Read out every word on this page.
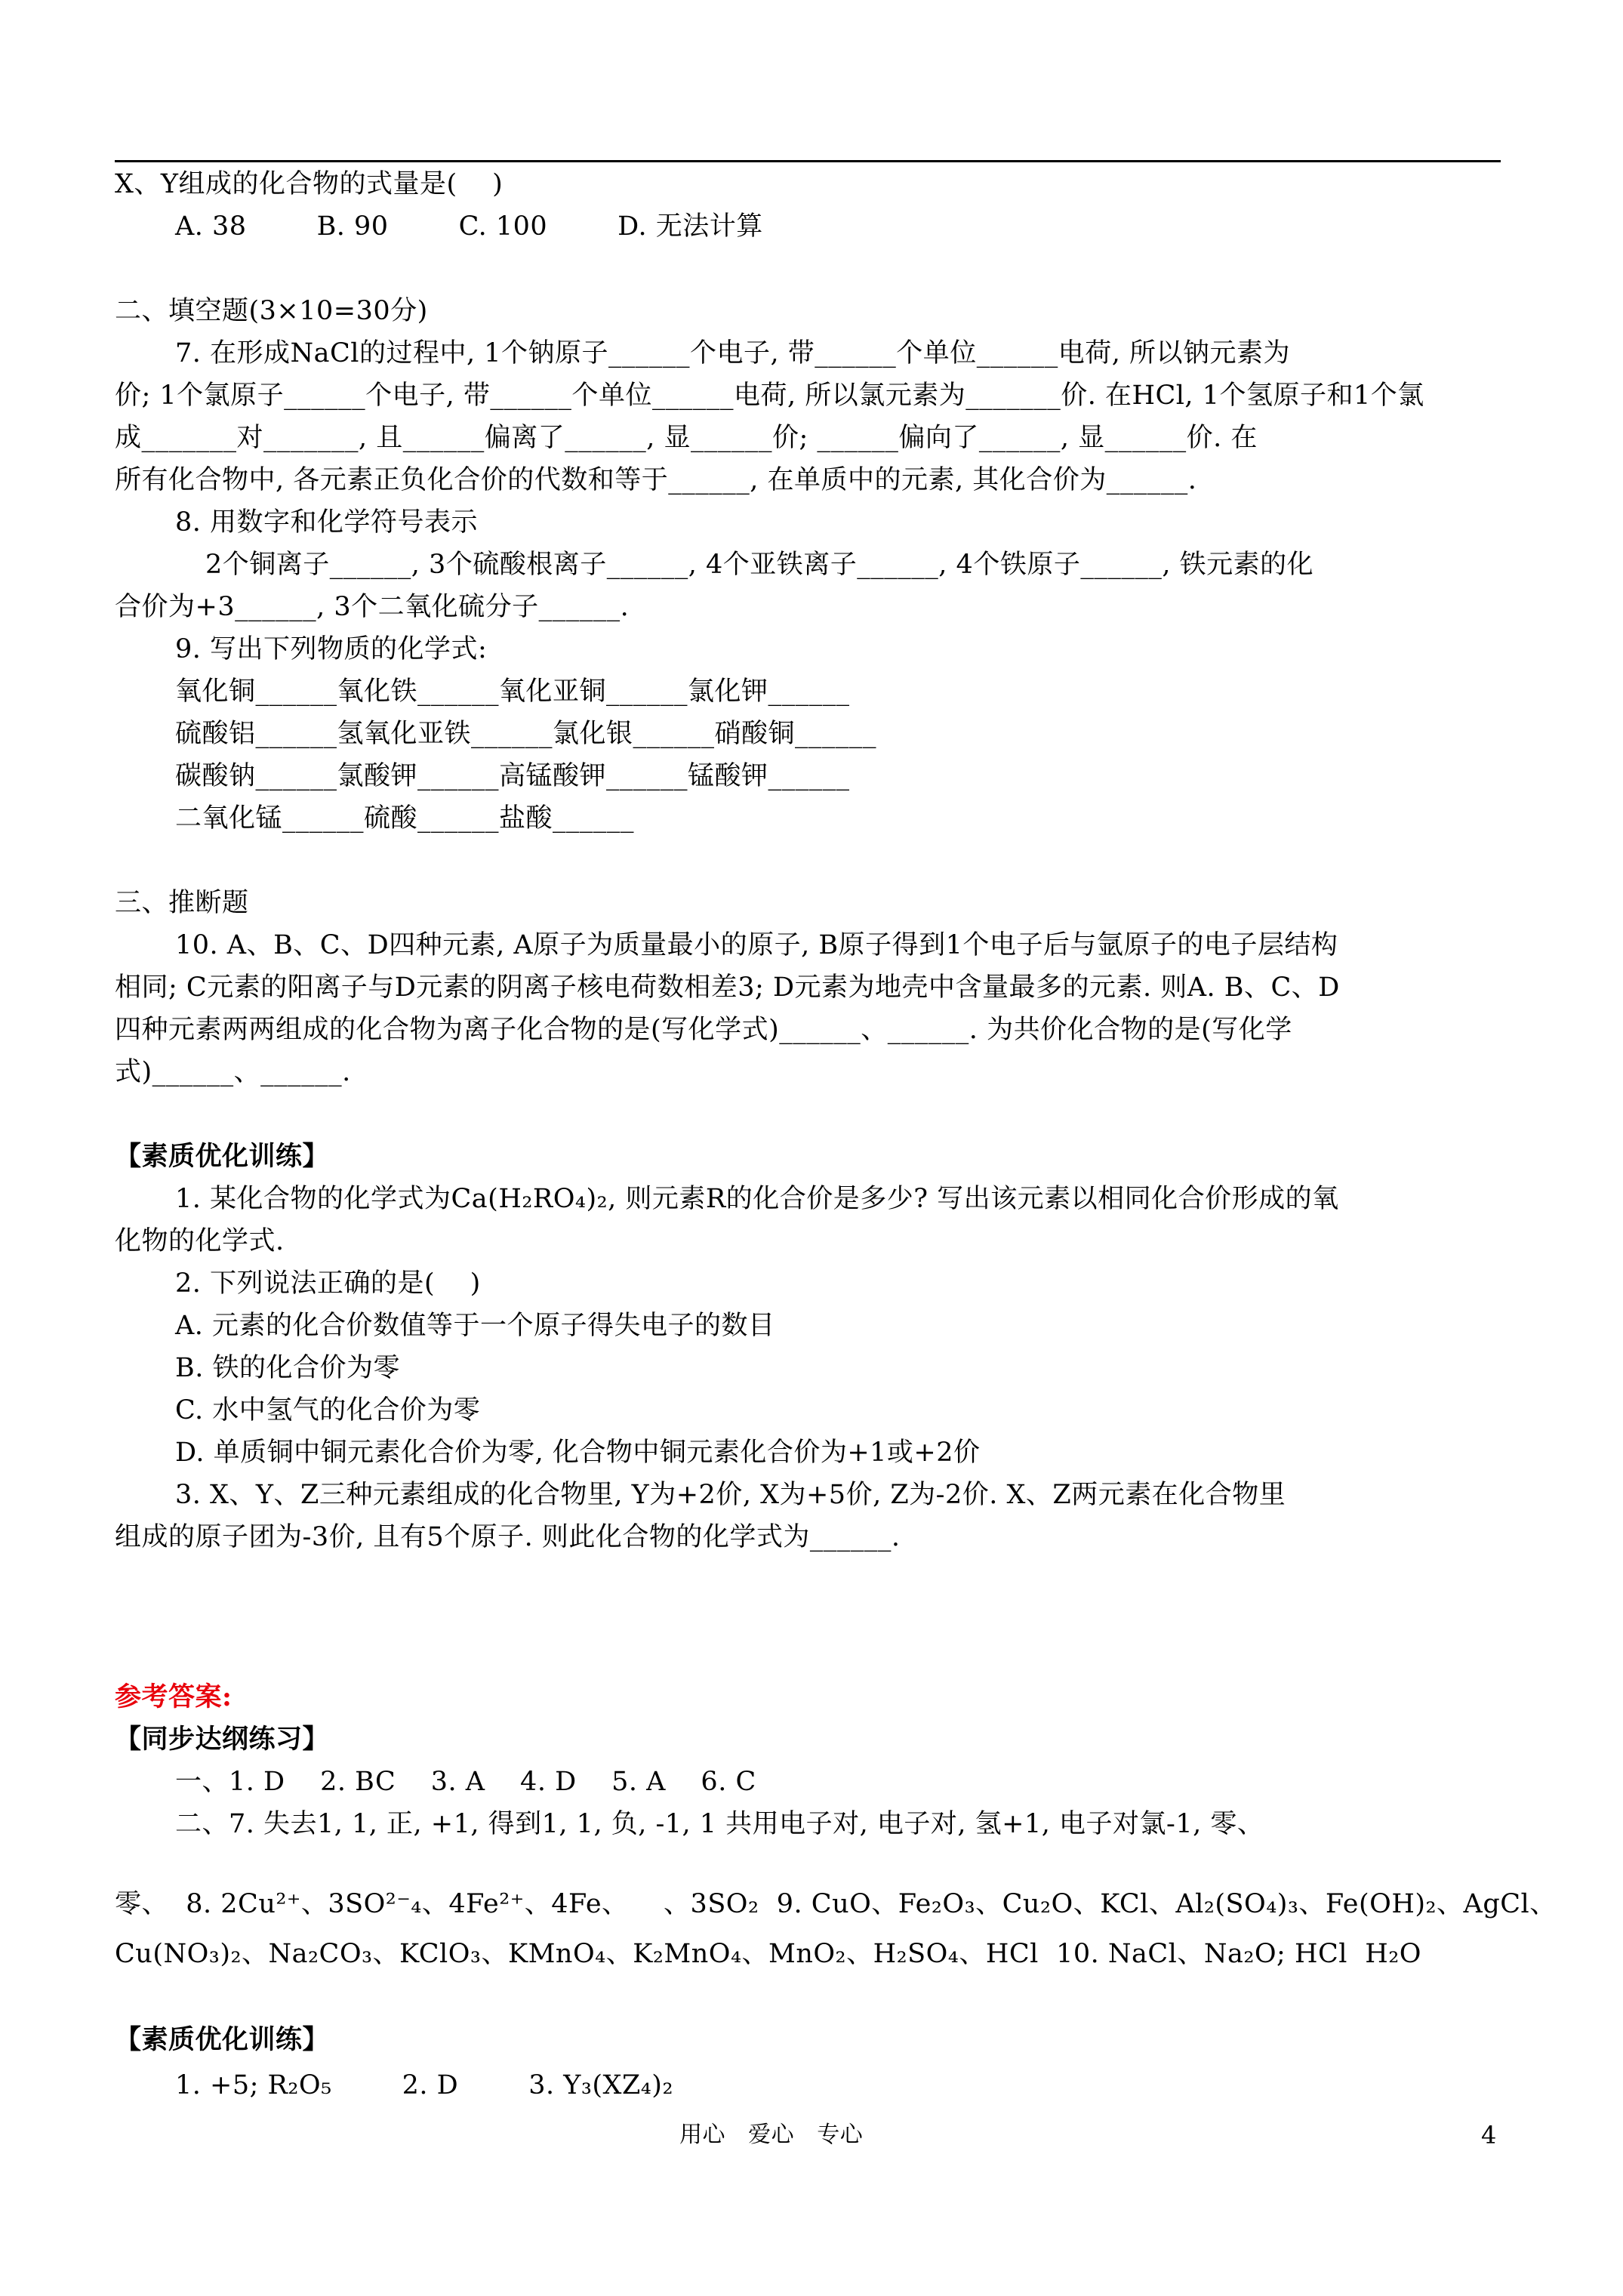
X、Y组成的化合物的式量是(    )
A. 38        B. 90        C. 100        D. 无法计算
二、填空题(3×10=30分)
7. 在形成NaCl的过程中, 1个钠原子______个电子, 带______个单位______电荷, 所以钠元素为
价; 1个氯原子______个电子, 带______个单位______电荷, 所以氯元素为_______价. 在HCl, 1个氢原子和1个氯
成_______对_______, 且______偏离了______, 显______价; ______偏向了______, 显______价. 在
所有化合物中, 各元素正负化合价的代数和等于______, 在单质中的元素, 其化合价为______.
8. 用数字和化学符号表示
2个铜离子______, 3个硫酸根离子______, 4个亚铁离子______, 4个铁原子______, 铁元素的化
合价为+3______, 3个二氧化硫分子______.
9. 写出下列物质的化学式:
氧化铜______氧化铁______氧化亚铜______氯化钾______
硫酸铝______氢氧化亚铁______氯化银______硝酸铜______
碳酸钠______氯酸钾______高锰酸钾______锰酸钾______
二氧化锰______硫酸______盐酸______
三、推断题
10. A、B、C、D四种元素, A原子为质量最小的原子, B原子得到1个电子后与氩原子的电子层结构
相同; C元素的阳离子与D元素的阴离子核电荷数相差3; D元素为地壳中含量最多的元素. 则A. B、C、D
四种元素两两组成的化合物为离子化合物的是(写化学式)______、______. 为共价化合物的是(写化学
式)______、______.
【素质优化训练】
1. 某化合物的化学式为Ca(H₂RO₄)₂, 则元素R的化合价是多少? 写出该元素以相同化合价形成的氧
化物的化学式.
2. 下列说法正确的是(    )
A. 元素的化合价数值等于一个原子得失电子的数目
B. 铁的化合价为零
C. 水中氢气的化合价为零
D. 单质铜中铜元素化合价为零, 化合物中铜元素化合价为+1或+2价
3. X、Y、Z三种元素组成的化合物里, Y为+2价, X为+5价, Z为-2价. X、Z两元素在化合物里
组成的原子团为-3价, 且有5个原子. 则此化合物的化学式为______.
参考答案:
【同步达纲练习】
一、1. D    2. BC    3. A    4. D    5. A    6. C
二、7. 失去1, 1, 正, +1, 得到1, 1, 负, -1, 1 共用电子对, 电子对, 氢+1, 电子对氯-1, 零、
零、  8. 2Cu²⁺、3SO²⁻₄、4Fe²⁺、4Fe、    、3SO₂  9. CuO、Fe₂O₃、Cu₂O、KCl、Al₂(SO₄)₃、Fe(OH)₂、AgCl、
Cu(NO₃)₂、Na₂CO₃、KClO₃、KMnO₄、K₂MnO₄、MnO₂、H₂SO₄、HCl  10. NaCl、Na₂O; HCl  H₂O
【素质优化训练】
1. +5; R₂O₅        2. D        3. Y₃(XZ₄)₂
用心   爱心   专心	4
